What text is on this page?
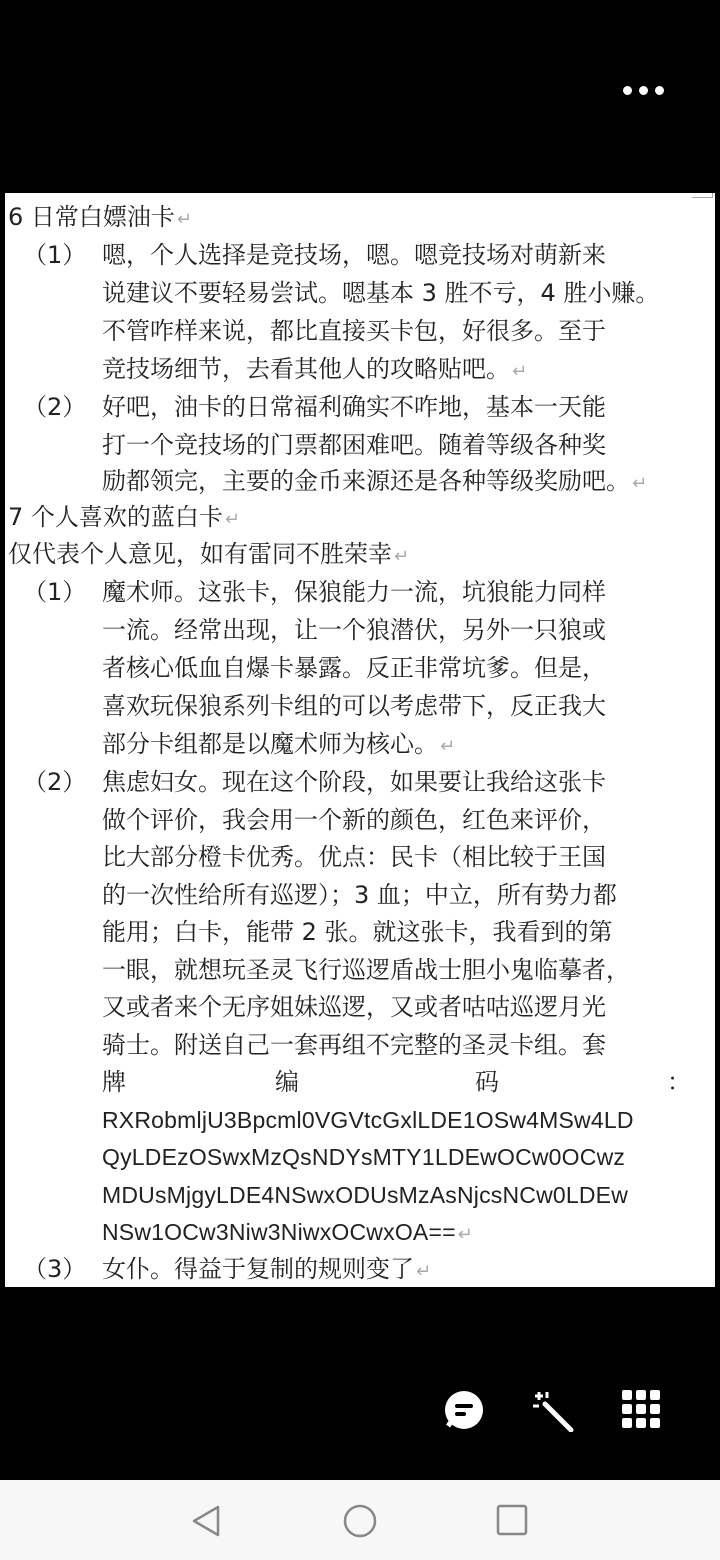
6 日常白嫖油卡 ↵
（1） 嗯，个人选择是竞技场，嗯。嗯竞技场对萌新来
说建议不要轻易尝试。嗯基本 3 胜不亏，4 胜小赚。
不管咋样来说，都比直接买卡包，好很多。至于
竞技场细节，去看其他人的攻略贴吧。 ↵
（2） 好吧，油卡的日常福利确实不咋地，基本一天能
打一个竞技场的门票都困难吧。随着等级各种奖
励都领完，主要的金币来源还是各种等级奖励吧。 ↵
7 个人喜欢的蓝白卡 ↵
仅代表个人意见，如有雷同不胜荣幸 ↵
（1） 魔术师。这张卡，保狼能力一流，坑狼能力同样
一流。经常出现，让一个狼潜伏，另外一只狼或
者核心低血自爆卡暴露。反正非常坑爹。但是，
喜欢玩保狼系列卡组的可以考虑带下，反正我大
部分卡组都是以魔术师为核心。 ↵
（2） 焦虑妇女。现在这个阶段，如果要让我给这张卡
做个评价，我会用一个新的颜色，红色来评价，
比大部分橙卡优秀。优点：民卡（相比较于王国
的一次性给所有巡逻）；3 血；中立，所有势力都
能用；白卡，能带 2 张。就这张卡，我看到的第
一眼，就想玩圣灵飞行巡逻盾战士胆小鬼临摹者，
又或者来个无序姐妹巡逻，又或者咕咕巡逻月光
骑士。附送自己一套再组不完整的圣灵卡组。套
牌	编	码	：
RXRobmljU3Bpcml0VGVtcGxlLDE1OSw4MSw4LD
QyLDEzOSwxMzQsNDYsMTY1LDEwOCw0OCwz
MDUsMjgyLDE4NSwxODUsMzAsNjcsNCw0LDEw
NSw1OCw3Niw3NiwxOCwxOA== ↵
（3） 女仆。得益于复制的规则变了 ↵
